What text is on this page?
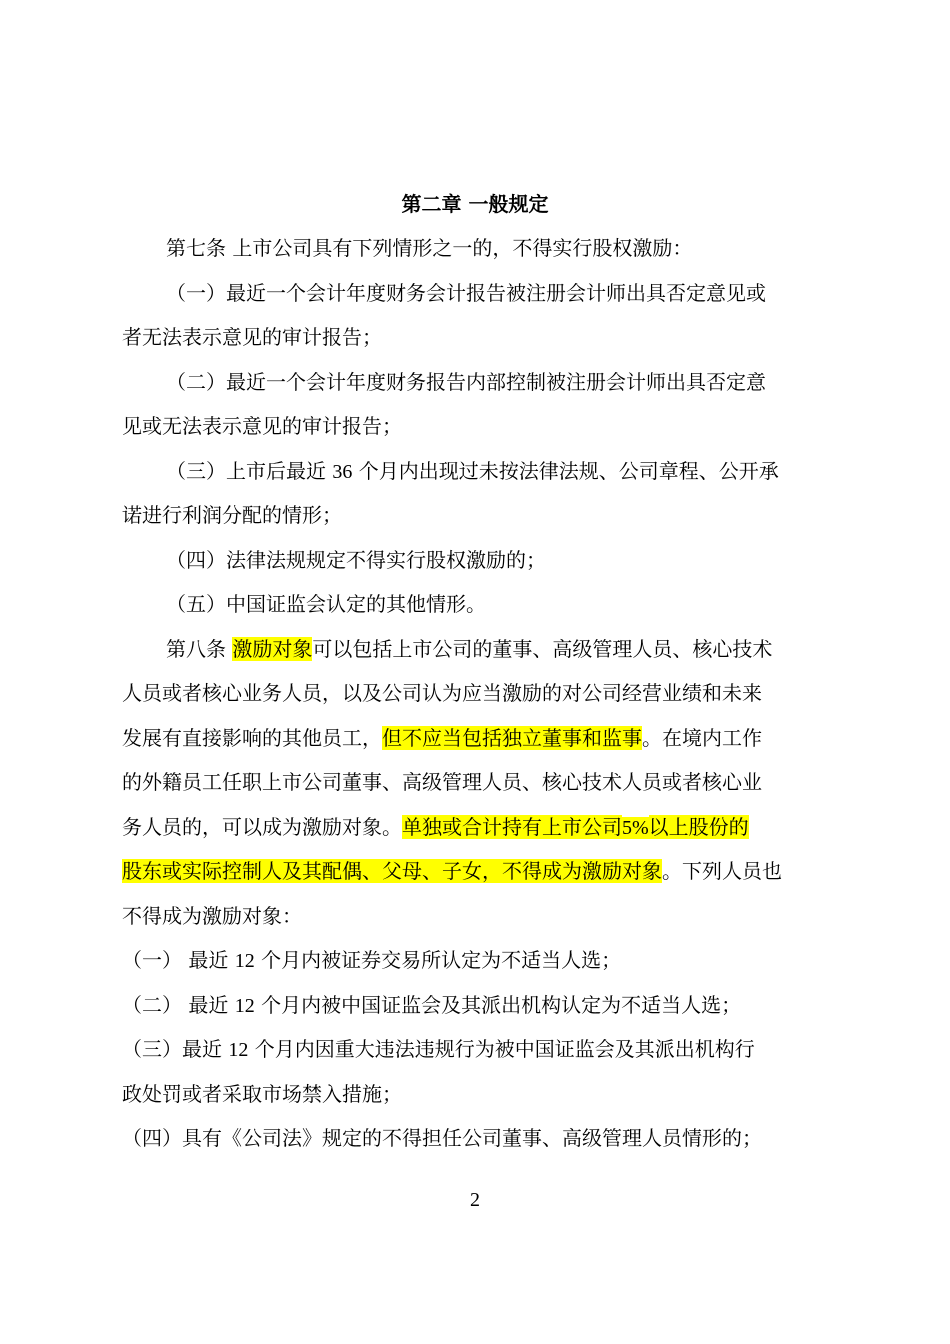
第二章 一般规定
第七条 上市公司具有下列情形之一的，不得实行股权激励：
（一）最近一个会计年度财务会计报告被注册会计师出具否定意见或
者无法表示意见的审计报告；
（二）最近一个会计年度财务报告内部控制被注册会计师出具否定意
见或无法表示意见的审计报告；
（三）上市后最近 36 个月内出现过未按法律法规、公司章程、公开承
诺进行利润分配的情形；
（四）法律法规规定不得实行股权激励的；
（五）中国证监会认定的其他情形。
第八条 激励对象可以包括上市公司的董事、高级管理人员、核心技术
人员或者核心业务人员，以及公司认为应当激励的对公司经营业绩和未来
发展有直接影响的其他员工，但不应当包括独立董事和监事。在境内工作
的外籍员工任职上市公司董事、高级管理人员、核心技术人员或者核心业
务人员的，可以成为激励对象。单独或合计持有上市公司5%以上股份的
股东或实际控制人及其配偶、父母、子女，不得成为激励对象。下列人员也
不得成为激励对象：
（一） 最近 12 个月内被证券交易所认定为不适当人选；
（二） 最近 12 个月内被中国证监会及其派出机构认定为不适当人选；
（三）最近 12 个月内因重大违法违规行为被中国证监会及其派出机构行
政处罚或者采取市场禁入措施；
（四）具有《公司法》规定的不得担任公司董事、高级管理人员情形的；
2
